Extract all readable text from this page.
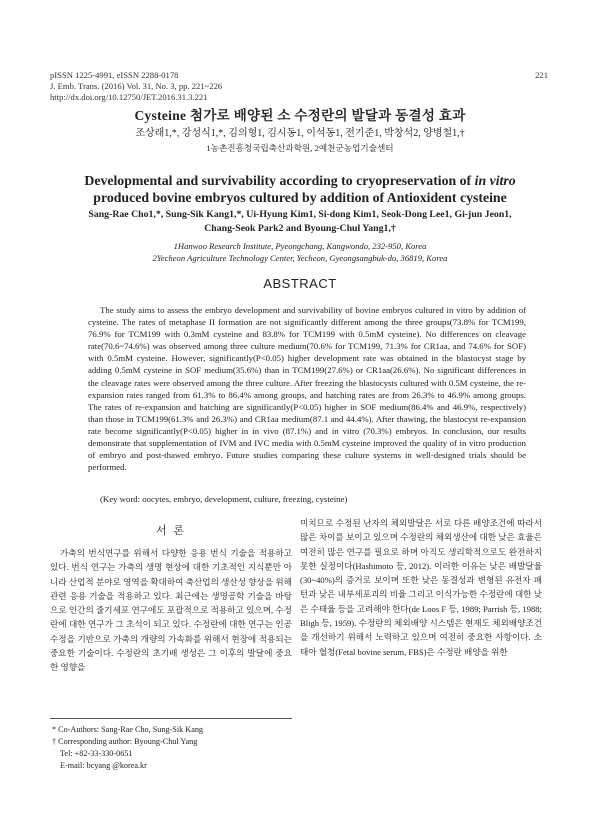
pISSN 1225-4991, eISSN 2288-0178
J. Emb. Trans. (2016) Vol. 31, No. 3, pp. 221~226
http://dx.doi.org/10.12750/JET.2016.31.3.221
221
Cysteine 첨가로 배양된 소 수정란의 발달과 동결성 효과
조상래1,*, 강성식1,*, 김의형1, 김시동1, 이석동1, 전기준1, 박창석2, 양병철1,†
1농촌진흥청국립축산과학원, 2예천군농업기술센터
Developmental and survivability according to cryopreservation of in vitro
produced bovine embryos cultured by addition of Antioxident cysteine
Sang-Rae Cho1,*, Sung-Sik Kang1,*, Ui-Hyung Kim1, Si-dong Kim1, Seok-Dong Lee1, Gi-jun Jeon1,
Chang-Seok Park2 and Byoung-Chul Yang1,†
1Hanwoo Research Institute, Pyeongchang, Kangwondo, 232-950, Korea
2Yecheon Agriculture Technology Center, Yecheon, Gyeongsangbuk-do, 36819, Korea
ABSTRACT

The study aims to assess the embryo development and survivability of bovine embryos cultured in vitro by addition of cysteine. The rates of metaphase II formation are not significantly different among the three groups(73.8% for TCM199, 76.9% for TCM199 with 0.3mM cysteine and 83.8% for TCM199 with 0.5mM cysteine). No differences on cleavage rate(70.6~74.6%) was observed among three culture medium(70.6% for TCM199, 71.3% for CR1aa, and 74.6% for SOF) with 0.5mM cysteine. However, significantly(P<0.05) higher development rate was obtained in the blastocyst stage by adding 0.5mM cysteine in SOF medium(35.6%) than in TCM199(27.6%) or CR1aa(26.6%). No significant differences in the cleavage rates were observed among the three culture. After freezing the blastocysts cultured with 0.5M cysteine, the re-expansion rates ranged from 61.3% to 86.4% among groups, and hatching rates are from 26.3% to 46.9% among groups. The rates of re-expansion and hatching are significantly(P<0.05) higher in SOF medium(86.4% and 46.9%, respectively) than those in TCM199(61.3% and 26.3%) and CR1aa medium(87.1 and 44.4%). After thawing, the blastocyst re-expansion rate become significantly(P<0.05) higher in in vivo (87.1%) and in vitro (70.3%) embryos. In conclusion, our results demonstrate that supplementation of IVM and IVC media with 0.5mM cysteine improved the quality of in vitro production of embryo and post-thawed embryo. Future studies comparing these culture systems in well-designed trials should be performed.

(Key word: oocytes, embryo, development, culture, freezing, cysteine)
서 론

가축의 번식연구를 위해서 다양한 응용 번식 기술을 적용하고 있다. 번식 연구는 가축의 생명 현상에 대한 기초적인 지식뿐만 아니라 산업적 분야로 영역을 확대하여 축산업의 생산성 향상을 위해 관련 응용 기술을 적용하고 있다. 최근에는 생명공학 기술을 바탕으로 인간의 줄기세포 연구에도 포괄적으로 적용하고 있으며, 수정란에 대한 연구가 그 초석이 되고 있다. 수정란에 대한 연구는 인공수정을 기반으로 가축의 개량의 가속화를 위해서 현장에 적용되는 중요한 기술이다. 수정란의 초기배 생성은 그 이후의 발달에 중요한 영향을

미치므로 수정된 난자의 체외발달은 서로 다른 배양조건에 따라서 많은 차이를 보이고 있으며 수정란의 체외생산에 대한 낮은 효율은 여전히 많은 연구를 필요로 하며 아직도 생리학적으로도 완전하지 못한 실정이다(Hashimoto 등, 2012). 이러한 이유는 낮은 배발달율(30~40%)의 증거로 보이며 또한 낮은 동결성과 변형된 유전자 패턴과 낮은 내부세포괴의 비율 그리고 이식가능한 수정란에 대한 낮은 수태율 등을 고려해야 한다(de Loos F 등, 1989; Parrish 등, 1988; Bligh 등, 1959). 수정란의 체외배양 시스템은 현재도 체외배양조건을 개선하기 위해서 노력하고 있으며 여전히 중요한 사항이다. 소 태아 혈청(Fetal bovine serum, FBS)은 수정란 배양을 위한

* Co-Authors: Sang-Rae Cho, Sung-Sik Kang
† Corresponding author: Byoung-Chul Yang
Tel: +82-33-330-0651
E-mail: bcyang @korea.kr
